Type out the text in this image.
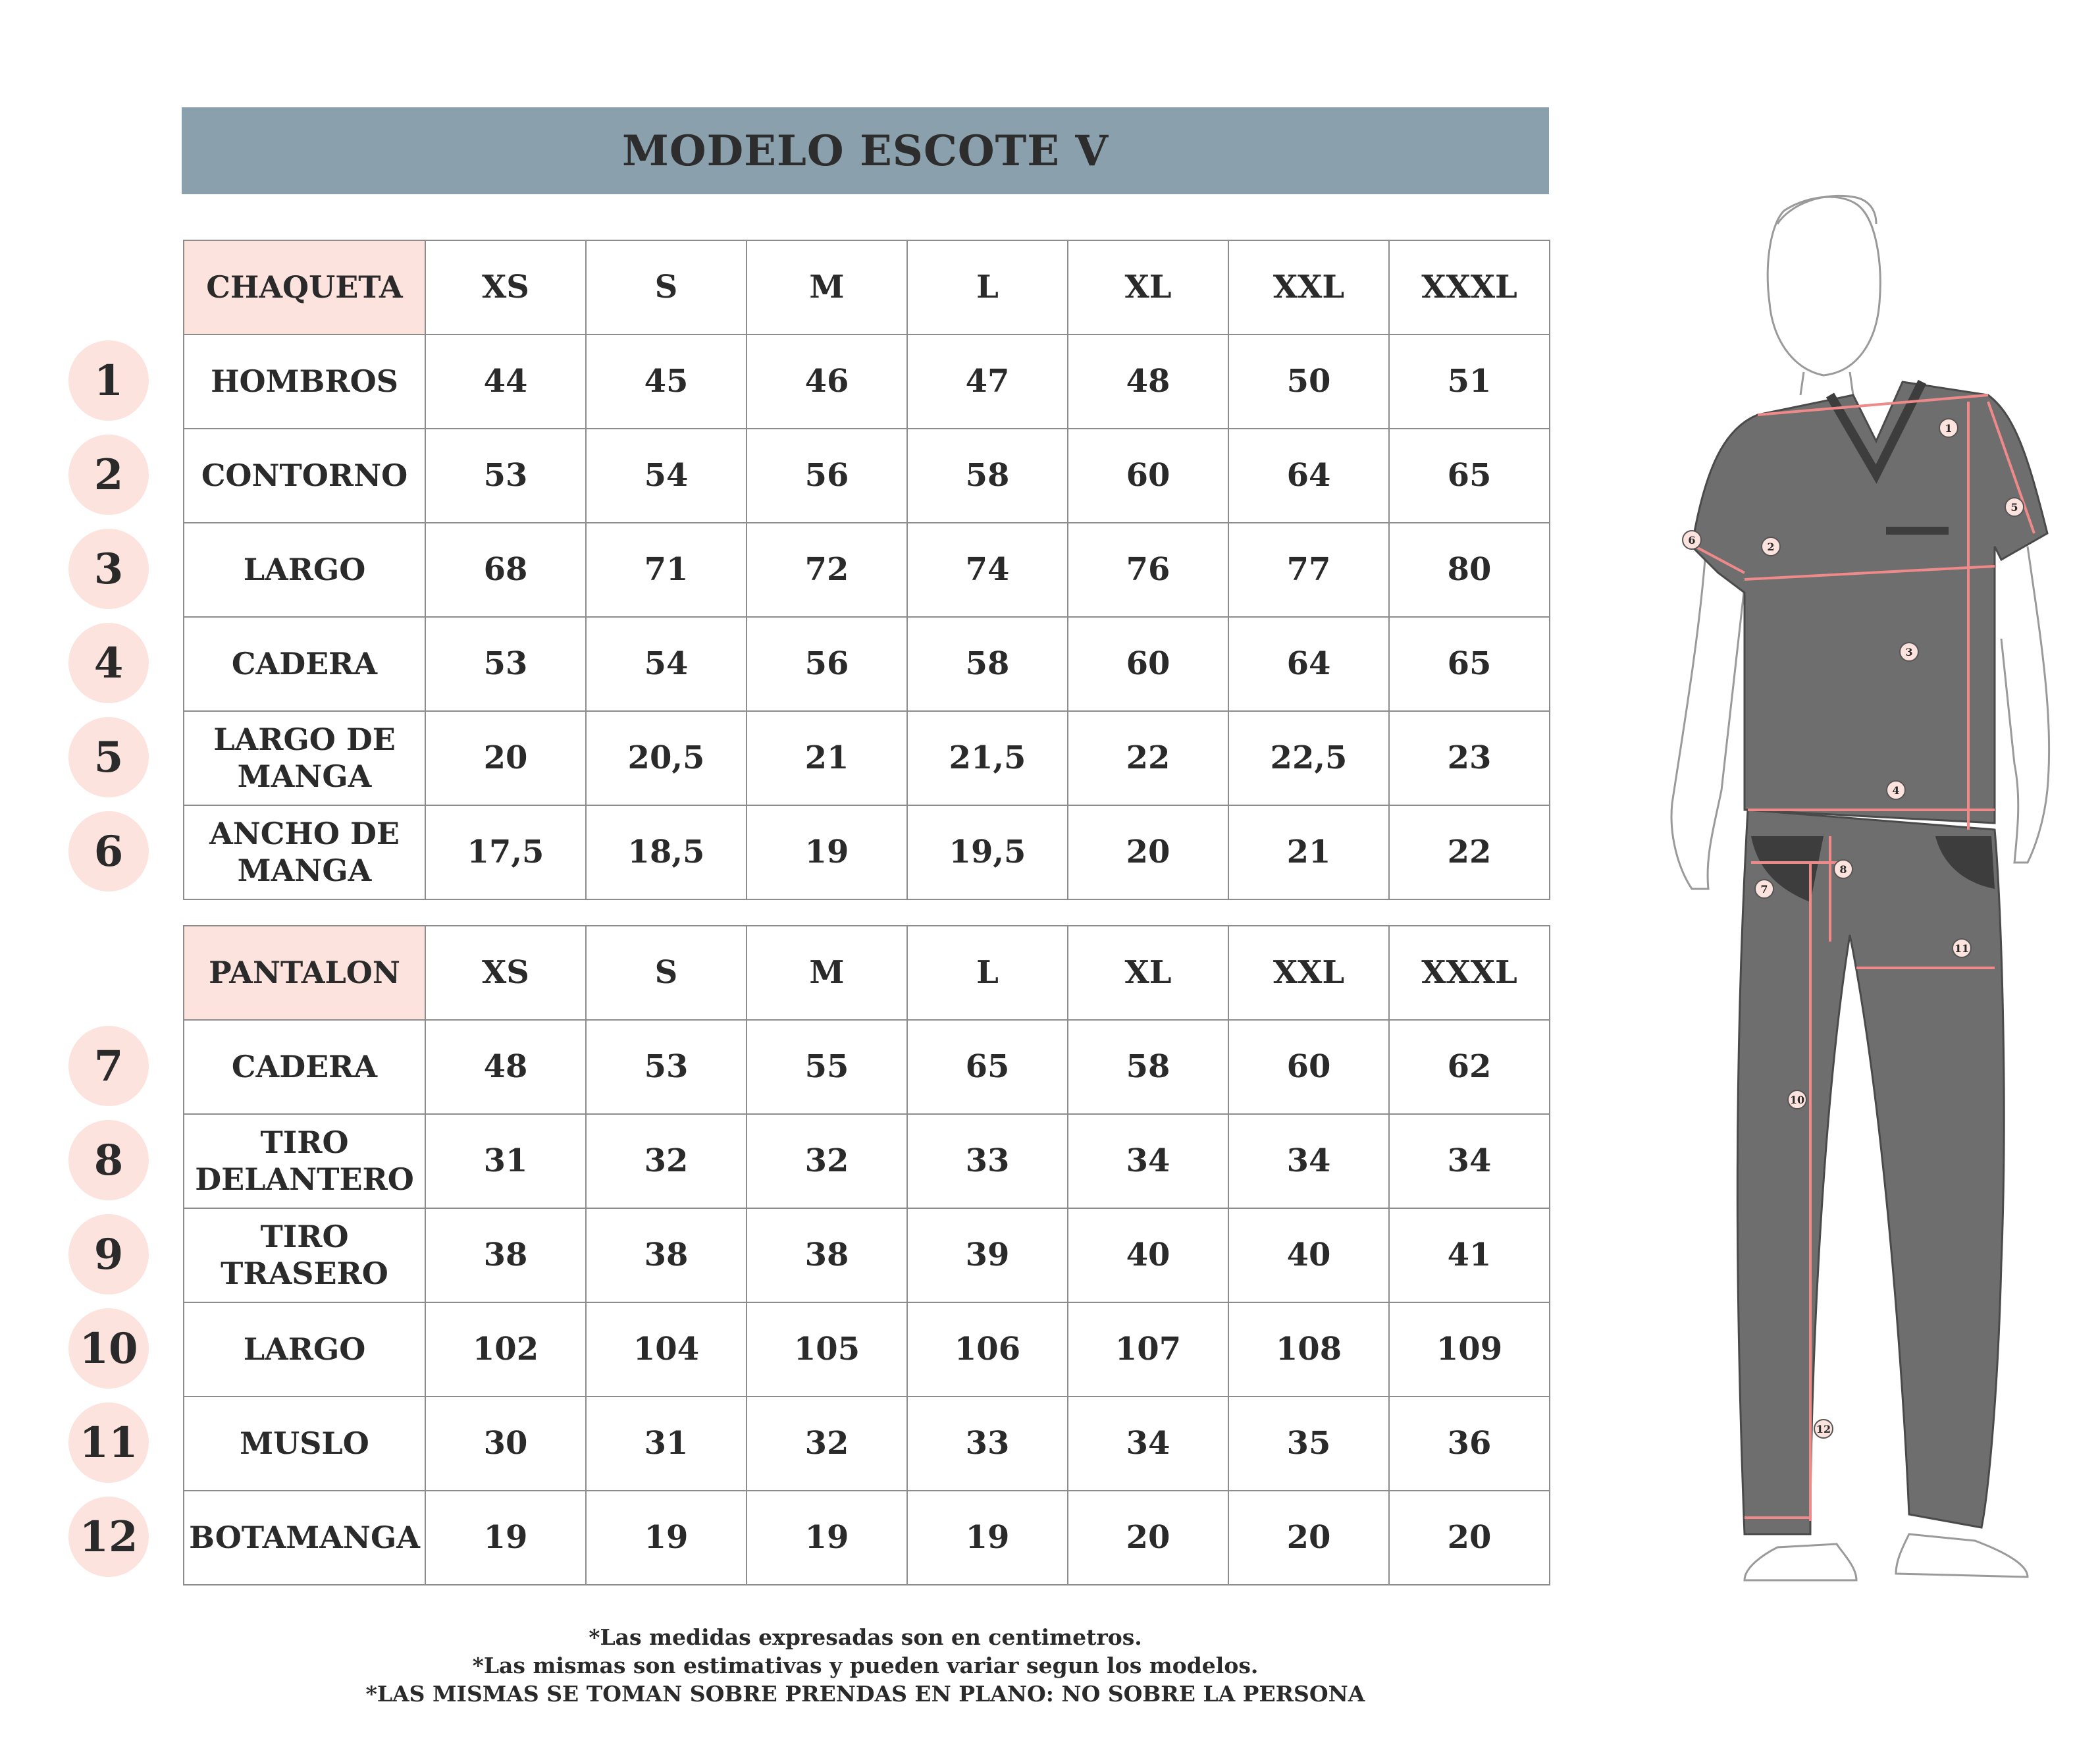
MODELO ESCOTE V
CHAQUETA	XS	S	M	L	XL	XXL	XXXL
HOMBROS	44	45	46	47	48	50	51
CONTORNO	53	54	56	58	60	64	65
LARGO	68	71	72	74	76	77	80
CADERA	53	54	56	58	60	64	65
LARGO DE MANGA	20	20,5	21	21,5	22	22,5	23
ANCHO DE MANGA	17,5	18,5	19	19,5	20	21	22
PANTALON	XS	S	M	L	XL	XXL	XXXL
CADERA	48	53	55	65	58	60	62
TIRO DELANTERO	31	32	32	33	34	34	34
TIRO TRASERO	38	38	38	39	40	40	41
LARGO	102	104	105	106	107	108	109
MUSLO	30	31	32	33	34	35	36
BOTAMANGA	19	19	19	19	20	20	20
1
2
3
4
5
6
7
8
9
10
11
12
*Las medidas expresadas son en centimetros.
*Las mismas son estimativas y pueden variar segun los modelos.
*LAS MISMAS SE TOMAN SOBRE PRENDAS EN PLANO: NO SOBRE LA PERSONA
1
2
3
4
5
6
7
8
10
11
12
